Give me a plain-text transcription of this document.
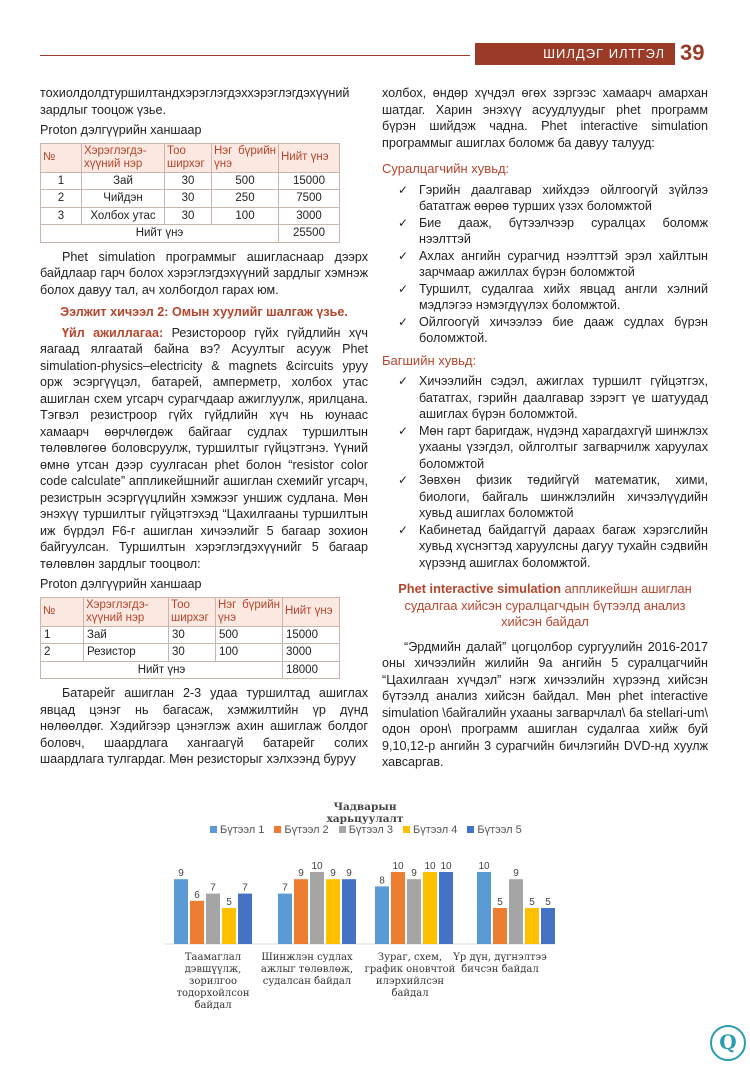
ШИЛДЭГ ИЛТГЭЛ 39

тохиолдолдтуршилтандхэрэглэгдэххэрэглэгдэхүүний зардлыг тооцож үзье.

Proton дэлгүүрийн ханшаар

№	Хэрэглэгдэ-хүүний нэр	Тоо ширхэг	Нэг бүрийн үнэ	Нийт үнэ
1	Зай	30	500	15000
2	Чийдэн	30	250	7500
3	Холбох утас	30	100	3000
Нийт үнэ				25500

Phet simulation программыг ашигласнаар дээрх байдлаар гарч болох хэрэглэгдэхүүний зардлыг хэмнэж болох давуу тал, ач холбогдол гарах юм.

Ээлжит хичээл 2: Омын хуулийг шалгаж үзье.

Үйл ажиллагаа: Резистороор гүйх гүйдлийн хүч яагаад ялгаатай байна вэ? Асуултыг асууж Phet simulation-physics–electricity & magnets &circuits уруу орж эсэргүүцэл, батарей, амперметр, холбох утас ашиглан схем угсарч сурагчдаар ажиглуулж, ярилцана. Тэгвэл резистроор гүйх гүйдлийн хүч нь юунаас хамаарч өөрчлөгдөж байгааг судлах туршилтын төлөвлөгөө боловсруулж, туршилтыг гүйцэтгэнэ. Үүний өмнө утсан дээр суулгасан phet болон “resistor color code calculate” аппликейшнийг ашиглан схемийг угсарч, резистрын эсэргүүцлийн хэмжээг уншиж судлана. Мөн энэхүү туршилтыг гүйцэтгэхэд “Цахилгааны туршилтын иж бүрдэл F6-г ашиглан хичээлийг 5 багаар зохион байгуулсан. Туршилтын хэрэглэгдэхүүнийг 5 багаар төлөвлөн зардлыг тооцвол:

Proton дэлгүүрийн ханшаар

№	Хэрэглэгдэ-хүүний нэр	Тоо ширхэг	Нэг бүрийн үнэ	Нийт үнэ
1	Зай	30	500	15000
2	Резистор	30	100	3000
Нийт үнэ				18000

Батарейг ашиглан 2-3 удаа туршилтад ашиглах явцад цэнэг нь багасаж, хэмжилтийн үр дүнд нөлөөлдөг. Хэдийгээр цэнэглэж ахин ашиглаж болдог боловч, шаардлага хангаагүй батарейг солих шаардлага тулгардаг. Мөн резисторыг хэлхээнд буруу

холбох, өндөр хүчдэл өгөх зэргээс хамаарч амархан шатдаг. Харин энэхүү асуудлуудыг phet программ бүрэн шийдэж чадна. Phet interactive simulation программыг ашиглах боломж ба давуу талууд:

Суралцагчийн хувьд:

✓ Гэрийн даалгавар хийхдээ ойлгоогүй зүйлээ бататгаж өөрөө турших үзэх боломжтой
✓ Бие дааж, бүтээлчээр суралцах боломж нээлттэй
✓ Ахлах ангийн сурагчид нээлттэй эрэл хайлтын зарчмаар ажиллах бүрэн боломжтой
✓ Туршилт, судалгаа хийх явцад англи хэлний мэдлэгээ нэмэгдүүлэх боломжтой.
✓ Ойлгоогүй хичээлээ бие дааж судлах бүрэн боломжтой.

Багшийн хувьд:

✓ Хичээлийн сэдэл, ажиглах туршилт гүйцэтгэх, бататгах, гэрийн даалгавар зэрэгт үе шатуудад ашиглах бүрэн боломжтой.
✓ Мөн гарт баригдаж, нүдэнд харагдахгүй шинжлэх ухааны үзэгдэл, ойлголтыг загварчилж харуулах боломжтой
✓ Зөвхөн физик төдийгүй математик, хими, биологи, байгаль шинжлэлийн хичээлүүдийн хувьд ашиглах боломжтой
✓ Кабинетад байдаггүй дараах багаж хэрэгслийн хувьд хүснэгтэд харуулсны дагуу тухайн сэдвийн хүрээнд ашиглах боломжтой.

Phet interactive simulation аппликейшн ашиглан судалгаа хийсэн суралцагчдын бүтээлд анализ хийсэн байдал

“Эрдмийн далай” цогцолбор сургуулийн 2016-2017 оны хичээлийн жилийн 9а ангийн 5 суралцагчийн “Цахилгаан хүчдэл” нэгж хичээлийн хүрээнд хийсэн бүтээлд анализ хийсэн байдал. Мөн phet interactive simulation \байгалийн ухааны загварчлал\ ба stellari-um\ одон орон\ программ ашиглан судалгаа хийж буй 9,10,12-р ангийн 3 сурагчийн бичлэгийн DVD-нд хуулж хавсаргав.

Чадварын харьцуулалт
Бүтээл 1	Бүтээл 2	Бүтээл 3	Бүтээл 4	Бүтээл 5
9
6
7
5
7	7
9
10
9 9
8
10
9
10 10	10
5
9
5 5
Таамаглал
дэвшүүлж,
зорилгоо
тодорхойлсон
байдал
Шинжлэн судлах
ажлыг төлөвлөж,
судалсан байдал
Зураг, схем,
график оновчтой
илэрхийлсэн
байдал
Үр дүн, дүгнэлтээ
бичсэн байдал
Q
